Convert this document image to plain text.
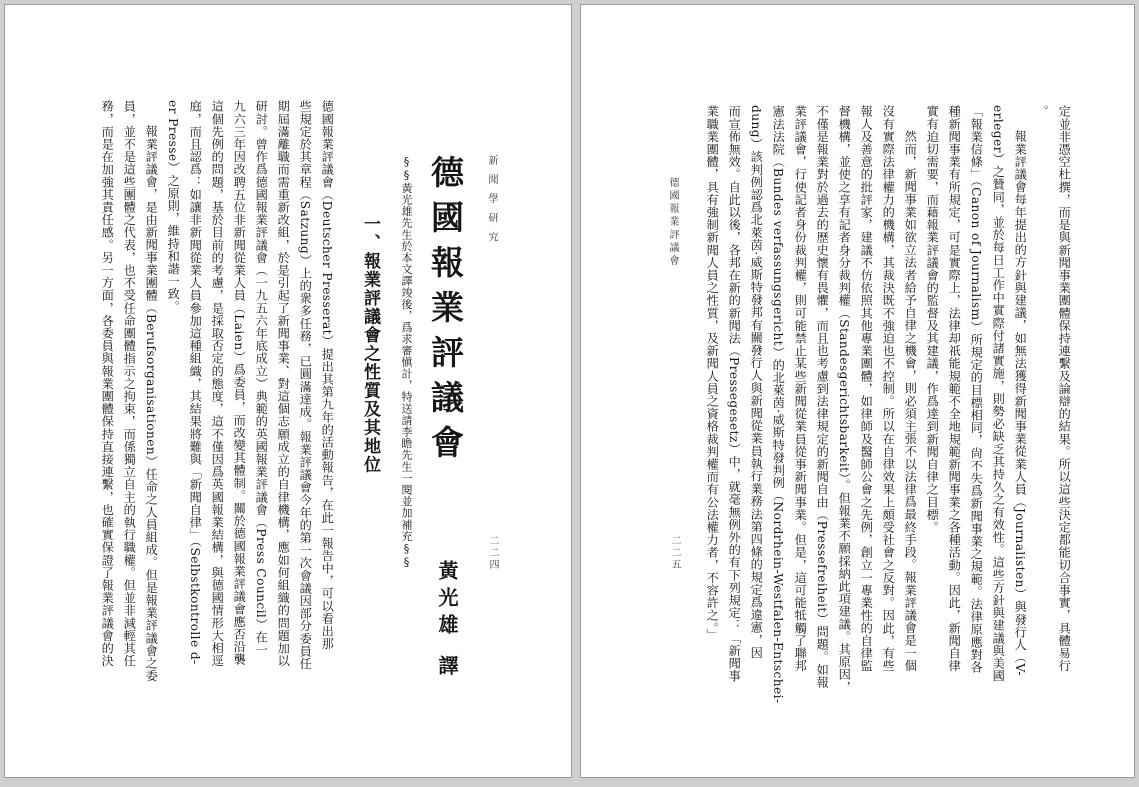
新 聞 學 研 究
二二四
德國報業評議會
§§黃光雄先生於本文譯竣後，爲求審愼計，特送請李瞻先生一閱並加補充§§
黃光雄 譯
一、報業評議會之性質及其地位
德國報業評議會（Deutscher Presserat）提出其第九年的活動報告，在此一報告中，可以看出那
些規定於其章程（Satzung）上的衆多任務，已圓滿達成。報業評議會今年的第一次會議因部分委員任
期屆滿離職而需重新改組，於是引起了新聞事業、對這個志願成立的自律機構，應如何組織的問題加以
研討。曾作爲德國報業評議會（一九五六年底成立）典範的英國報業評議會（Press Council）在一
九六三年因改聘五位非新聞從業人員（Laien）爲委員，而改變其體制。關於德國報業評議會應否沿襲
這個先例的問題，基於目前的考慮，是採取否定的態度，這不僅因爲英國報業結構，與德國情形大相逕
庭，而且認爲：如讓非新聞從業人員參加這種組織，其結果將難與「新聞自律」（Selbstkontrolle d-
er Presse）之原則，維持和諧一致。
報業評議會，是由新聞事業團體（Berufsorganisationen）任命之人員組成。但是報業評議會之委
員，並不是這些團體之代表，也不受任命團體指示之拘束，而係獨立自主的執行職權。但並非減輕其任
務，而是在加強其責任感。另一方面，各委員與報業團體保持直接連繫，也確實保證了報業評議會的決	定並非憑空杜撰，而是與新聞事業團體保持連繫及論辯的結果。所以這些決定都能切合事實，具體易行
。
報業評議會每年提出的方針與建議，如無法獲得新聞事業從業人員（Journalisten）與發行人（V-
erleger）之贊同，並於每日工作中實際付諸實施，則勢必缺乏其持久之有效性。這些方針與建議與美國
「報業信條」（Canon of Journalism）所規定的目標相同，尙不失爲新聞事業之規範。法律原應對各
種新聞事業有所規定，可是實際上，法律却祇能規範不全地規範新聞事業之各種活動。因此，新聞自律
實有迫切需要，而藉報業評議會的監督及其建議，作爲達到新聞自律之目標。
然而，新聞事業如欲立法者給予自律之機會，則必須主張不以法律爲最終手段。報業評議會是一個
沒有實際法律權力的機構，其裁決既不強迫也不控制。所以在自律效果上頗受社會之反對。因此，有些
報人及善意的批評家，建議不仿依照其他專業團體，如律師及醫師公會之先例，創立一專業性的自律監
督機構，並使之享有記者身分裁判權（Standesgerichtsbarkeit）。但報業不願採納此項建議。其原因，
不僅是報業對於過去的歷史懷有畏懼，而且也考慮到法律規定的新聞自由（Pressefreiheit）問題。如報
業評議會，行使記者身份裁判權，則可能禁止某些新聞從業員從事新聞事業。但是，這可能牴觸了聯邦
憲法法院（Bundes verfassungsgericht）的北萊茵·威斯特發判例（Nordrhein-Westfalen-Entschei-
dung）該判例認爲北萊茵·威斯特發邦有關發行人與新聞從業員執行業務法第四條的規定爲違憲，因
而宣佈無效。自此以後，各邦在新的新聞法（Pressegesetz）中，就毫無例外的有下列規定：「新聞事
業職業團體，具有強制新聞人員之性質，及新聞人員之資格裁判權而有公法權力者，不容許之。」
德國報業評議會
二二五
